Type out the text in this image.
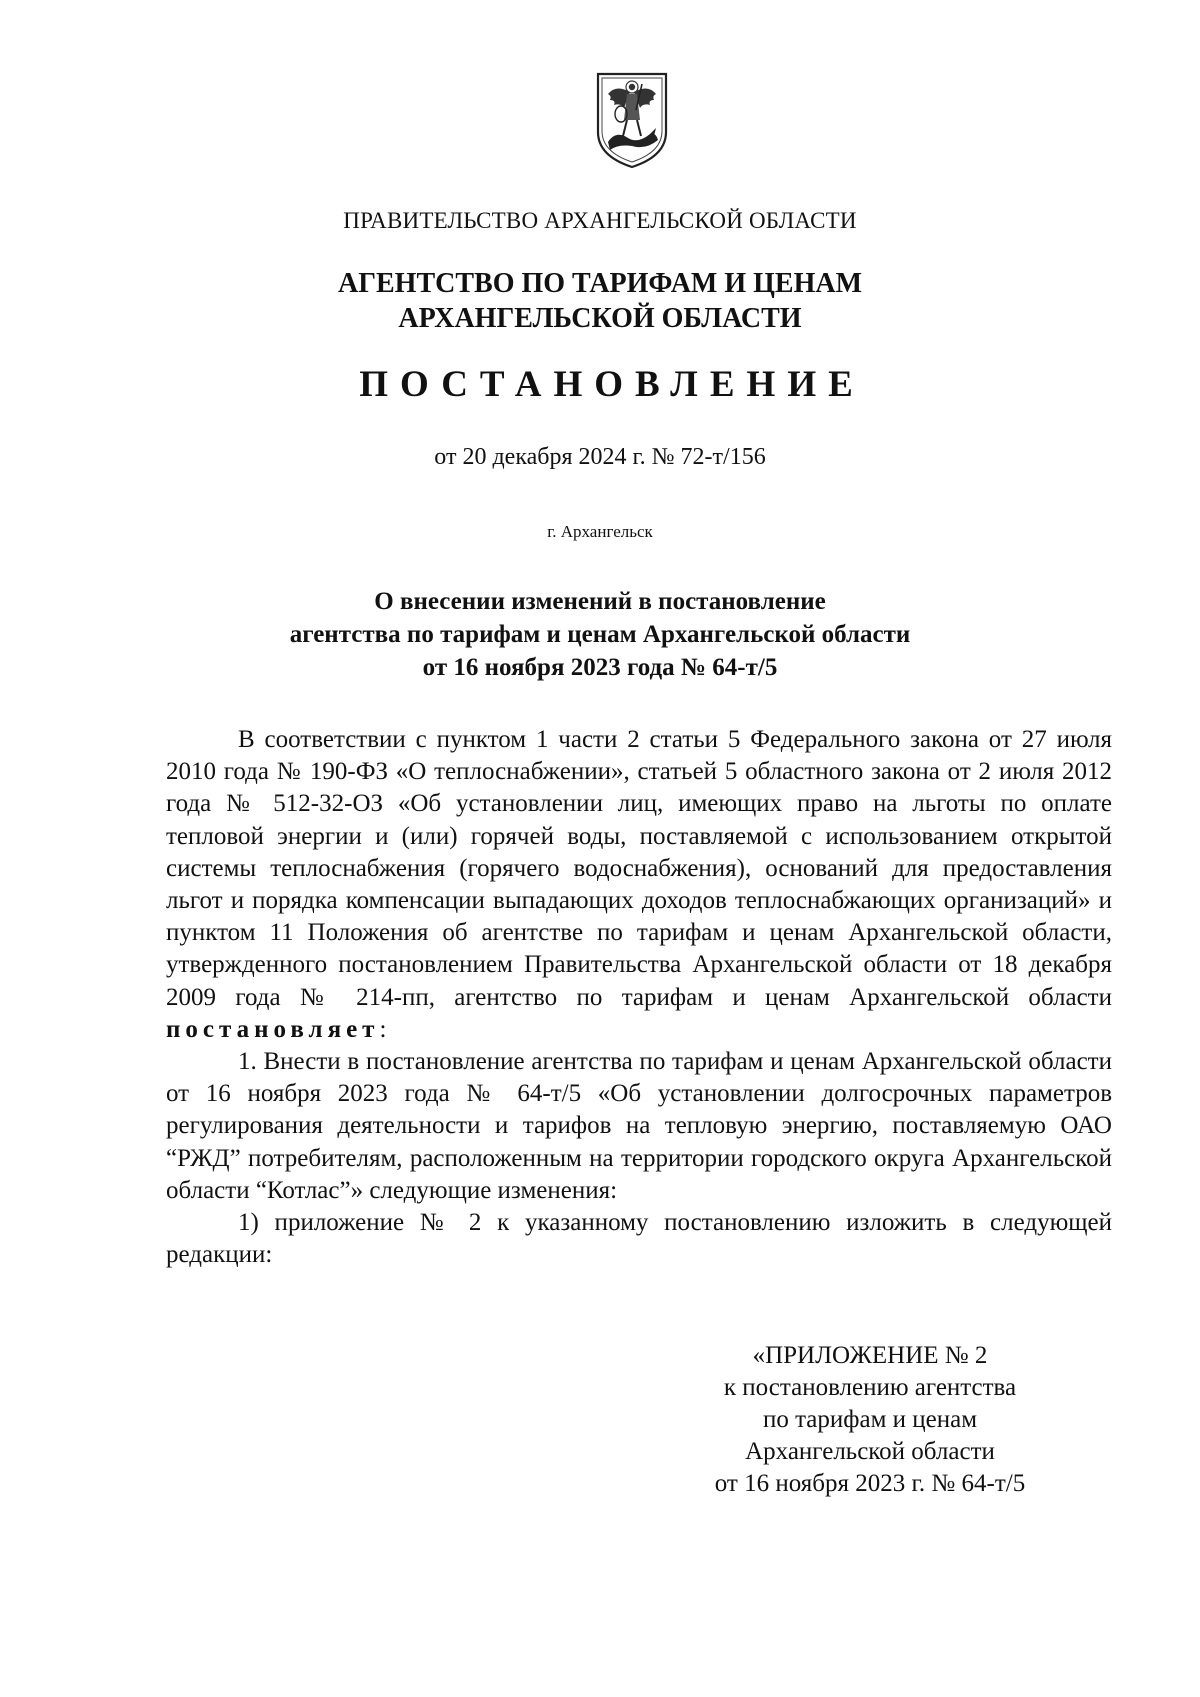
ПРАВИТЕЛЬСТВО АРХАНГЕЛЬСКОЙ ОБЛАСТИ
АГЕНТСТВО ПО ТАРИФАМ И ЦЕНАМ
АРХАНГЕЛЬСКОЙ ОБЛАСТИ
ПОСТАНОВЛЕНИЕ
от 20 декабря 2024 г. № 72-т/156
г. Архангельск
О внесении изменений в постановление
агентства по тарифам и ценам Архангельской области
от 16 ноября 2023 года № 64-т/5

В соответствии с пунктом 1 части 2 статьи 5 Федерального закона от 27 июля 2010 года № 190-ФЗ «О теплоснабжении», статьей 5 областного закона от 2 июля 2012 года № 512-32-ОЗ «Об установлении лиц, имеющих право на льготы по оплате тепловой энергии и (или) горячей воды, поставляемой с использованием открытой системы теплоснабжения (горячего водоснабжения), оснований для предоставления льгот и порядка компенсации выпадающих доходов теплоснабжающих организаций» и пунктом 11 Положения об агентстве по тарифам и ценам Архангельской области, утвержденного постановлением Правительства Архангельской области от 18 декабря 2009 года № 214-пп, агентство по тарифам и ценам Архангельской области постановляет:

1. Внести в постановление агентства по тарифам и ценам Архангельской области от 16 ноября 2023 года № 64-т/5 «Об установлении долгосрочных параметров регулирования деятельности и тарифов на тепловую энергию, поставляемую ОАО “РЖД” потребителям, расположенным на территории городского округа Архангельской области “Котлас”» следующие изменения:

1) приложение № 2 к указанному постановлению изложить в следующей редакции:

«ПРИЛОЖЕНИЕ № 2
к постановлению агентства
по тарифам и ценам
Архангельской области
от 16 ноября 2023 г. № 64-т/5
